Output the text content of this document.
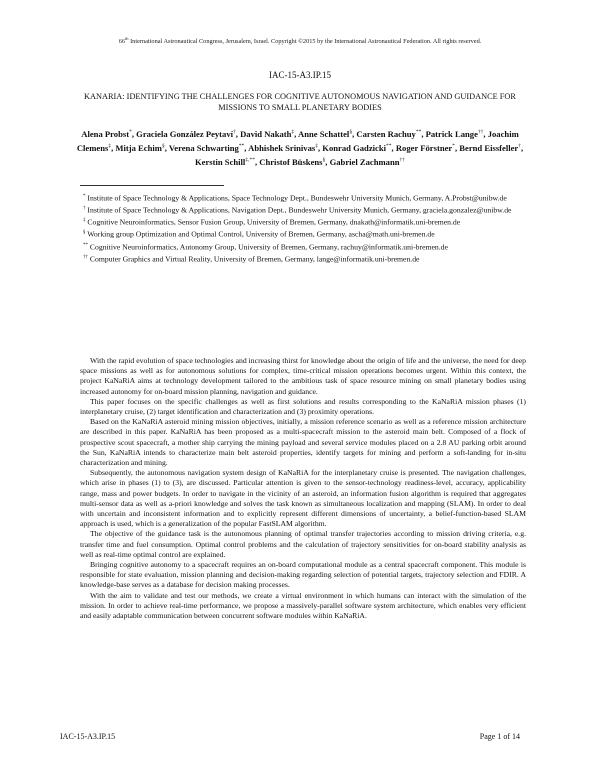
66th International Astronautical Congress, Jerusalem, Israel. Copyright ©2015 by the International Astronautical Federation. All rights reserved.
IAC-15-A3.IP.15
KANARIA: IDENTIFYING THE CHALLENGES FOR COGNITIVE AUTONOMOUS NAVIGATION AND GUIDANCE FOR MISSIONS TO SMALL PLANETARY BODIES
Alena Probst*, Graciela González Peytaví†, David Nakath‡, Anne Schattel§, Carsten Rachuy**, Patrick Lange††, Joachim Clemens‡, Mitja Echim§, Verena Schwarting**, Abhishek Srinivas‡, Konrad Gadzicki**, Roger Förstner*, Bernd Eissfeller†, Kerstin Schill‡,**, Christof Büskens§, Gabriel Zachmann††

* Institute of Space Technology & Applications, Space Technology Dept., Bundeswehr University Munich, Germany, A.Probst@unibw.de

† Institute of Space Technology & Applications, Navigation Dept., Bundeswehr University Munich, Germany, graciela.gonzalez@unibw.de

‡ Cognitive Neuroinformatics, Sensor Fusion Group, University of Bremen, Germany, dnakath@informatik.uni-bremen.de

§ Working group Optimization and Optimal Control, University of Bremen, Germany, ascha@math.uni-bremen.de

** Cognitive Neuroinformatics, Autonomy Group, University of Bremen, Germany, rachuy@informatik.uni-bremen.de

†† Computer Graphics and Virtual Reality, University of Bremen, Germany, lange@informatik.uni-bremen.de

With the rapid evolution of space technologies and increasing thirst for knowledge about the origin of life and the universe, the need for deep space missions as well as for autonomous solutions for complex, time-critical mission operations becomes urgent. Within this context, the project KaNaRiA aims at technology development tailored to the ambitious task of space resource mining on small planetary bodies using increased autonomy for on-board mission planning, navigation and guidance.

This paper focuses on the specific challenges as well as first solutions and results corresponding to the KaNaRiA mission phases (1) interplanetary cruise, (2) target identification and characterization and (3) proximity operations.

Based on the KaNaRiA asteroid mining mission objectives, initially, a mission reference scenario as well as a reference mission architecture are described in this paper. KaNaRiA has been proposed as a multi-spacecraft mission to the asteroid main belt. Composed of a flock of prospective scout spacecraft, a mother ship carrying the mining payload and several service modules placed on a 2.8 AU parking orbit around the Sun, KaNaRiA intends to characterize main belt asteroid properties, identify targets for mining and perform a soft-landing for in-situ characterization and mining.

Subsequently, the autonomous navigation system design of KaNaRiA for the interplanetary cruise is presented. The navigation challenges, which arise in phases (1) to (3), are discussed. Particular attention is given to the sensor-technology readiness-level, accuracy, applicability range, mass and power budgets. In order to navigate in the vicinity of an asteroid, an information fusion algorithm is required that aggregates multi-sensor data as well as a-priori knowledge and solves the task known as simultaneous localization and mapping (SLAM). In order to deal with uncertain and inconsistent information and to explicitly represent different dimensions of uncertainty, a belief-function-based SLAM approach is used, which is a generalization of the popular FastSLAM algorithm.

The objective of the guidance task is the autonomous planning of optimal transfer trajectories according to mission driving criteria, e.g. transfer time and fuel consumption. Optimal control problems and the calculation of trajectory sensitivities for on-board stability analysis as well as real-time optimal control are explained.

Bringing cognitive autonomy to a spacecraft requires an on-board computational module as a central spacecraft component. This module is responsible for state evaluation, mission planning and decision-making regarding selection of potential targets, trajectory selection and FDIR. A knowledge-base serves as a database for decision making processes.

With the aim to validate and test our methods, we create a virtual environment in which humans can interact with the simulation of the mission. In order to achieve real-time performance, we propose a massively-parallel software system architecture, which enables very efficient and easily adaptable communication between concurrent software modules within KaNaRiA.

IAC-15-A3.IP.15	Page 1 of 14
